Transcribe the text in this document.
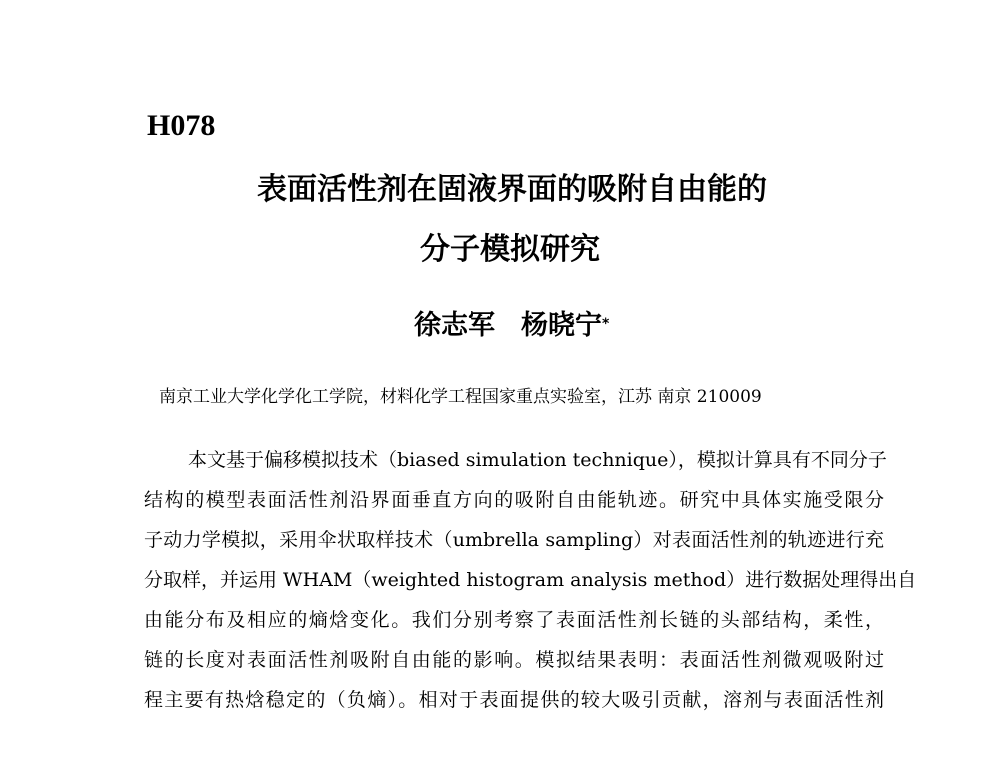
H078
表面活性剂在固液界面的吸附自由能的
分子模拟研究
徐志军 杨晓宁*
南京工业大学化学化工学院，材料化学工程国家重点实验室，江苏 南京 210009
本文基于偏移模拟技术（biased simulation technique），模拟计算具有不同分子
结构的模型表面活性剂沿界面垂直方向的吸附自由能轨迹。研究中具体实施受限分
子动力学模拟，采用伞状取样技术（umbrella sampling）对表面活性剂的轨迹进行充
分取样，并运用 WHAM（weighted histogram analysis method）进行数据处理得出自
由能分布及相应的熵焓变化。我们分别考察了表面活性剂长链的头部结构，柔性，
链的长度对表面活性剂吸附自由能的影响。模拟结果表明：表面活性剂微观吸附过
程主要有热焓稳定的（负熵）。相对于表面提供的较大吸引贡献，溶剂与表面活性剂
